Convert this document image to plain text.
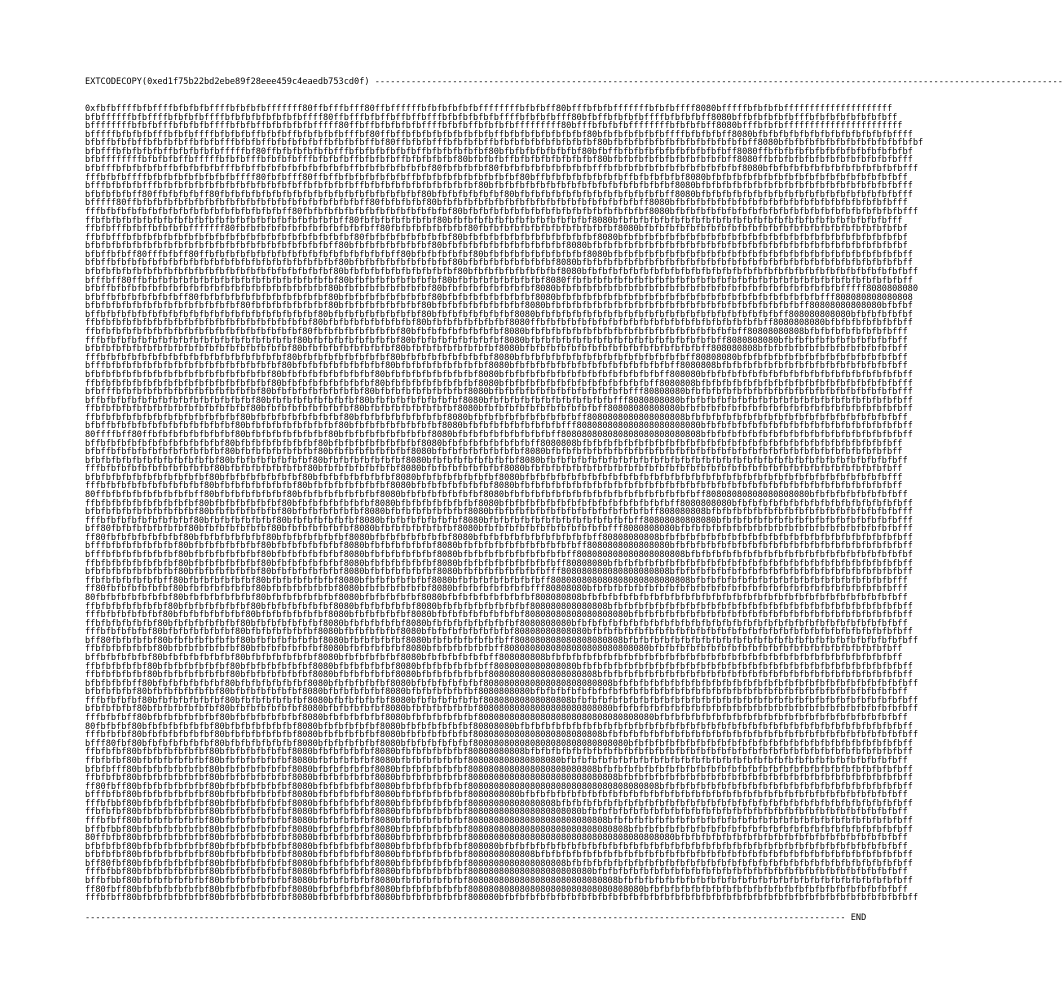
EXTCODECOPY(0xed1f75b22bd2ebe89f28eee459c4eaedb753cd0f) -------------------------------------------------------------------------------------------------------------------------------------
0xfbfbffffbfbffffbfbfbfbffffbfbfbfbfffffff80ffbfffbfff80ffbffffffbfbfbfbfbfbffffffffbfbfbff80bfffbfbfbfffffffbfbfbffff8080bfffffbfbfbfbfffffffffffffffffffff
bfbffffffbfbffffbfbfbfbffffbfbfbfbfbfbfbfbffff80ffbfffbfbffbffbffbfffbfbfbfbfbfbffffbfbfbfbfff80bfbffbfbfbfbffffbfbfbfbff8080bffbfbfbfbfbfffbfbfbfbfbfbfbfbff
bffffffffbfbfbfffbfbfbfbffffbfbfbffbfbfbfbfbfffff80ffbffbfbfbfbfbffffbfbfbffbfbfbfbfffffffff80bfffbfbfbfbffffffffbfbfbfbff8080bfffbfbfbfffffffffffffffffffffff
bfffffbfbfbfbfffbfbfbffffbfbfbfbffbfbfbffbfbfbfbfbfffbf80ffbffbfbfbfbfbfbfbfbfbffbfbfbfbfbfbfbfbf80bfbfbfbfbfbfbffffbfbfbfbff8080bfbfbfbfbfbfbfbfbfbfbfbfbfbffff
bfbffbfbfbffbfbfbfbffbfbfbfffbfbfbffbfbfbfbfbffbfbfbfbffbf80ffbfbfbfffbfbfbfbffbfbfbfbfbfbfbfbfbfbf80bfbfbfbfbfbfbfbfbfbfbfbfbfbff8080bfbfbfbfbfbfbfbfbfbfbfbfbfbf
bfbfffbfbfbfbfbffbfbfbfbfbfffffbf80ffbfbfbfbfbfbfffbfbfbfbfbfbfbffbfbfbfbfbfbf80bfbfbfbfbfbfbfbf80bfbffbfbfbfbfbfbfbfbfbfbfbff8080ffbfbfbfbfbfbfbfbfbfbfbfbfbfbf
bfbffffffffbfbfbfbffbfffffbfbfbfffbfbfbfbfffbfbfbfbffbfbfbfbffbfbfbfbfbf80bfbfbfbffbfbfbfbfbfbfbfbf80bfbfbfbfbfbfbfbfbfbfbfbff8080ffbfbfbfbfbfbfbfbfbfbfbfbfbfff
bfbfffbfbfbfbfbffbfbfbfbfbfffbfbffbfbfbfbfbfbfbfbfbffbfbfbfbfbfbfbf80fbfbfbfbf80fbfbfbfbfbfbfbfbfbfffbfbfbfbfbfbfbfbfbfbfbfbfbf8080bfbfbfbfbfbfbfbfbfbfbfbfbfbfff
fffbfbfbffffbfbfbfbfbfbfbfbfbffff80fbfbfff80ffbffbfbfbfbfbfbfbffbfbfbfbfbfbfbfbfbfbf80bffbfbfbfbfbfbfbfbffbfbfbfbfbf8080bfbfbfbfbfbfbfbfbfbfbfbfbfbfbfbfbfbfbff
bfffbfbfbfbfffbfbfbfbfbfbfbfbfbfbfbfbfbfbffbfbfbfbfbffbfbfbfbfbfbfbfbfbfbfbf80bfbfbfbfbfbfbfbfbfbfbfbfbfbfbfbfbfbf8080bfbfbfbfbfbfbfbfbfbfbfbfbfbfbfbfbfbfbfbfff
bfbfbfbfbff80ffbfbfbfbff80fbfbfbfbfbfbfbfbfbfbfbfbfbfbfbfbfbfbfbf80bfbfbfbfbfbfbf80bfbfbfbfbfbfbfbfbfbfbfbfbfbfbff8080bfbfbfbfbfbfbfbfbfbfbfbfbfbfbfbfbfbfbfbfff
bfffff80ffbfbfbfbfbfbfbfbfbfbfbfbfbfbfbfbfbfbfbfbfbfbff80fbfbfbfbf80bfbfbfbfbfbfbfbfbfbfbfbfbfbfbfbfbfbfbfbff8080bfbfbfbfbfbfbfbfbfbfbfbfbfbfbfbfbfbfbfbfbfbfff
fffbfbfbfbfbfbfbfbfbfbfbfbfbfbfbfbfbfbff80fbfbfbfbfbfbfbfbfbfbfbfbfbfbf80bfbfbfbfbfbfbfbfbfbfbfbfbfbfbfbfbfbf8080bfbfbfbfbfbfbfbfbfbfbfbfbfbfbfbfbfbfbfbfbfbfbfff
ffbfbfbfbfbfbfbfbfbfbfbfbfbfbfbfbfbfbfbfbfbfbfbfbff80fbfbfbfbfbfbfbf80bfbfbfbfbfbfbfbfbfbfbfbfbfbf8080bfbfbfbfbfbfbfbfbfbfbfbfbfbfbfbfbfbfbfbfbfbfbfbfbfbfbfff
ffbfbfffbfbffbfbfbfbfffffff80fbfbfbfbfbfbfbfbfbfbfbfbfbff80fbfbfbfbfbfbfbf80fbfbfbfbfbfbfbfbfbfbfbfbfbf8080bfbfbfbfbfbfbfbfbfbfbfbfbfbfbfbfbfbfbfbfbfbfbfbfbfbf
ffbfbfffbfbfbfbfbfbfbfbfbfbfbfbfbfbfbfbfbfbfbfbfbfbf80fbfbfbfbfbfbfbfbf80bfbfbfbfbfbfbfbfbfbfbfbfbf8080bfbfbfbfbfbfbfbfbfbfbfbfbfbfbfbfbfbfbfbfbfbfbfbfbfbfbfbf
bfbfbfbfbfbfbfbfbfbfbfbfbfbfbfbfbfbfbfbfbfbfbfbff80bfbfbfbfbfbfbfbf80bfbfbfbfbfbfbfbfbfbfbfbf8080bfbfbfbfbfbfbfbfbfbfbfbfbfbfbfbfbfbfbfbfbfbfbfbfbfbfbfbfbfbfbf
bfbffbfbff80fffbfbff80ffbfbfbfbfbfbfbfbfbfbfbfbfbfbfbfbfbfbff80bfbfbfbfbfbf80bfbfbfbfbfbfbfbfbfbf8080bfbfbfbfbfbfbfbfbfbfbfbfbfbfbfbfbfbfbfbfbfbfbfbfbfbfbfbfbff
bfbffbfbfbfbfbfbfbfbfbfbfbfbfbfbfbfbfbfbfbfbfbfbf80bfbfbfbfbfbfbfbfbfbf80bfbfbfbfbfbfbfbfbf8080bfbfbfbfbfbfbfbfbfbfbfbfbfbfbfbfbfbfbfbfbfbfbfbfbfbfbfbfbfbfbfbff
bfbfbfbfbfbfbfbfbfbfbfbfbfbfbfbfbfbfbfbfbfbfbfbf80bfbfbfbfbfbfbfbfbfbfbf80bfbfbfbfbfbfbfbfbf8080bfbfbfbfbfbfbfbfbfbfbfbfbfbfbfbfbfbfbfbfbfbfbfbfbfbfbfbfbfbfbfbff
bfffbff80ffbfbfbfbfbfbfbfbfbfbfbfbfbfbfbfbfbfbfbf80bfbfbfbfbfbfbfbfbf80bfbfbfbfbfbfbfbfbf8080ffbfbfbfbfbfbfbfbfbfbfbfbfbfbfbfbfbfbfbfbfbfbfbfbfbfbfbfbfbfbfbfbff
bfbffbfbfbfbfbfbfbfbfbfbfbfbfbfbfbfbfbfbfbfbfbf80bfbfbfbfbfbfbfbfbf80bfbfbfbfbfbfbfbfbf8080bfbfbfbfbfbfbfbfbfbfbfbfbfbfbfbfbfbfbfbfbfbfbfbfbfbfbfbfffff8080808080
bfbffbfbfbfbfbfbfbff80fbfbfbfbfbfbfbfbfbfbfbfbf80bfbfbfbfbfbfbfbfbf80bfbfbfbfbfbfbfbfbf8080bfbfbfbfbfbfbfbfbfbfbfbfbfbfbfbfbfbfbfbfbfbfbfbfbfbfff808080808080808
bfbfbfbfbfbfbfbfbfbfbfbfbfbfbf80fbfbfbfbfbfbfbf80bfbfbfbfbfbfbfbf80bfbfbfbfbfbfbfbfbf8080bfbfbfbfbfbfbfbfbfbfbfbfbfbfbfbfbfbfbfbfbfbfbfbfbff80808080808080bfbfbf
bffbfbfbfbfbfbfbfbfbfbfbfbfbfbfbfbfbfbfbfbfbf80bfbfbfbfbfbfbfbfbf80bfbfbfbfbfbfbfbf8080bfbfbfbfbfbfbfbfbfbfbfbfbfbfbfbfbfbfbfbfbfbfbfbff808080808080bfbfbfbfbfbf
ffbfbfbfbfbfbfbfbfbfbfbfbfbfbfbfbfbfbfbfbfbf80bfbfbfbfbfbfbfbfbf80bfbfbfbfbfbfbfbf8080ffbfbfbfbfbfbfbfbfbfbfbfbfbfbfbfbfbfbfbfbfbfbff8080808080bfbfbfbfbfbfbfbff
ffbfbfbfbfbfbfbfbfbfbfbfbfbfbfbfbfbfbfbfbf80fbfbfbfbfbfbfbfbf80bfbfbfbfbfbfbfbfbf8080bfbfbfbfbfbfbfbfbfbfbfbfbfbfbfbfbfbfbfbfbff80808080808bfbfbfbfbfbfbfbfbfff
fffbfbfbfbfbfbfbfbfbfbfbfbfbfbfbfbfbfbfbf80bfbfbfbfbfbfbfbfbf80bfbfbfbfbfbfbfbfbf8080bfbfbfbfbfbfbfbfbfbfbfbfbfbfbfbfbfbfbff8080808080bfbfbfbfbfbfbfbfbfbfbfbff
bfbfbfbfbfbfbfbfbfbfbfbfbfbfbfbfbfbfbfbf80bfbfbfbfbfbfbfbfbf80bfbfbfbfbfbfbfbfbf8080bfbfbfbfbfbfbfbfbfbfbfbfbfbfbfbfbfbff808080808bfbfbfbfbfbfbfbfbfbfbfbfbfbff
fffbfbfbfbfbfbfbfbfbfbfbfbfbfbfbfbfbfbf80bfbfbfbfbfbfbfbfbf80bfbfbfbfbfbfbfbfbf8080bfbfbfbfbfbfbfbfbfbfbfbfbfbfbfbfbff80808080bfbfbfbfbfbfbfbfbfbfbfbfbfbfbfbff
bfffbfbfbfbfbfbfbfbfbfbfbfbfbfbfbfbfbf80bfbfbfbfbfbfbfbfbf80bfbfbfbfbfbfbfbfbf8080bfbfbfbfbfbfbfbfbfbfbfbfbfbfbfbff8080808bfbfbfbfbfbfbfbfbfbfbfbfbfbfbfbfbfbff
bfbfbfbfbfbfbfbfbfbfbfbfbfbfbfbfbfbf80bfbfbfbfbfbfbfbfbf80bfbfbfbfbfbfbfbfbf8080bfbfbfbfbfbfbfbfbfbfbfbfbfbfbfbff808080bfbfbfbfbfbfbfbfbfbfbfbfbfbfbfbfbfbfbfbff
ffbfbfbfbfbfbfbfbfbfbfbfbfbfbfbfbfbf80bfbfbfbfbfbfbfbfbf80bfbfbfbfbfbfbfbfbf8080bfbfbfbfbfbfbfbfbfbfbfbfbfbfbff8080808bfbfbfbfbfbfbfbfbfbfbfbfbfbfbfbfbfbfbfbfff
bfbfffbfbfbfbfbfbfbfbfbfbfbfbfbfbf80bfbfbfbfbfbfbfbfbf80bfbfbfbfbfbfbfbfbf8080bfbfbfbfbfbfbfbfbfbfbfbfbfbfff80808080bfbfbfbfbfbfbfbfbfbfbfbfbfbfbfbfbfbfbfbfbfff
bffbfbfbfbfbfbfbfbfbfbfbfbfbfbfbf80bfbfbfbfbfbfbfbfbf80bfbfbfbfbfbfbfbfbf8080bfbfbfbfbfbfbfbfbfbfbfbfbfff8080808080bfbfbfbfbfbfbfbfbfbfbfbfbfbfbfbfbfbfbfbfbfbff
ffbfbfbfbfbfbfbfbfbfbfbfbfbfbfbf80bfbfbfbfbfbfbfbfbf80bfbfbfbfbfbfbfbfbf8080bfbfbfbfbfbfbfbfbfbfbfbff80808080808080bfbfbfbfbfbfbfbfbfbfbfbfbfbfbfbfbfbfbfbfbfbff
ffbfbfbfbfbfbfbfbfbfbfbfbfbfbf80bfbfbfbfbfbfbfbfbf80bfbfbfbfbfbfbfbfbf8080bfbfbfbfbfbfbfbfbfbfbff8080808080808080808bfbfbfbfbfbfbfbfbfbfbfbfbfbfbfbfbfbfbfbfbff
bfbffbfbfbfbfbfbfbfbfbfbfbfbf80bfbfbfbfbfbfbfbfbf80bfbfbfbfbfbfbfbfbf8080bfbfbfbfbfbfbfbfbfbfff808080808080808080808080bfbfbfbfbfbfbfbfbfbfbfbfbfbfbfbfbfbfbfbff
80ffffbff80ffbfbfbfbfbfbfbfbf80bfbfbfbfbfbfbfbf80bfbfbfbfbfbfbfbfbf8080bfbfbfbfbfbfbfbfbfbff808080808080808080808080808bfbfbfbfbfbfbfbfbfbfbfbfbfbfbfbfbfbfbfbff
bffbfbfbfbfbfbfbfbfbfbfbfbf80bfbfbfbfbfbfbfbf80bfbfbfbfbfbfbfbfbf8080bfbfbfbfbfbfbfbfbff8080808bfbfbfbfbfbfbfbfbfbfbfbfbfbfbfbfbfbfbfbfbfbfbfbfbfbfbfbfbfbfbff
bfbffbfbfbfbfbfbfbfbfbfbfbf80bfbfbfbfbfbfbfbf80bfbfbfbfbfbfbfbf8080bfbfbfbfbfbfbfbfbf8080bfbfbfbfbfbfbfbfbfbfbfbfbfbfbfbfbfbfbfbfbfbfbfbfbfbfbfbfbfbfbfbfbfbff
bfbfbfbfbfbfbfbfbfbfbfbfbf80bfbfbfbfbfbfbfbf80bfbfbfbfbfbfbfbf8080bfbfbfbfbfbfbfbfbf8080bfbfbfbfbfbfbfbfbfbfbfbfbfbfbfbfbfbfbfbfbfbfbfbfbfbfbfbfbfbfbfbfbfbfbff
fffbfbfbfbfbfbfbfbfbfbfbf80bfbfbfbfbfbfbfbf80bfbfbfbfbfbfbfbf8080bfbfbfbfbfbfbfbf8080bfbfbfbfbfbfbfbfbfbfbfbfbfbfbfbfbfbfbfbfbfbfbfbfbfbfbfbfbfbfbfbfbfbfbfbff
bfbfbfbfbfbfbfbfbfbfbfbf80bfbfbfbfbfbfbfbf80bfbfbfbfbfbfbfbf8080bfbfbfbfbfbfbfbf8080bfbfbfbfbfbfbfbfbfbfbfbfbfbfbfbfbfbfbfbfbfbfbfbfbfbfbfbfbfbfbfbfbfbfbfbfff
fffbfbfbfbfbfbfbfbfbfbf80bfbfbfbfbfbfbfbf80bfbfbfbfbfbfbfbf8080bfbfbfbfbfbfbfbf8080bfbfbfbfbfbfbfbfbfbfbfbfbfbfbfbfbfbfbfbfbfbfbfbfbfbfbfbfbfbfbfbfbfbfbfbfbff
80ffbfbfbfbfbfbfbfbfbff80bfbfbfbfbfbfbf80bfbfbfbfbfbfbfbf8080bfbfbfbfbfbfbfbf8080bfbfbfbfbfbfbfbfbfbfbfbfbfbfbfbfbfbfbff80808080808080808080bfbfbfbfbfbfbfbfbff
ffbfbfbfbfbfbfbfbfbfbf80bfbfbfbfbfbfbf80bfbfbfbfbfbfbfbf8080bfbfbfbfbfbfbfbf8080bfbfbfbfbfbfbfbfbfbfbfbfbfbfbfbfbff8080808080bfbfbfbfbfbfbfbfbfbfbfbfbfbfbfbfbff
bfbfbfbfbfbfbfbfbfbfbf80bfbfbfbfbfbfbf80bfbfbfbfbfbfbf8080bfbfbfbfbfbfbfbf8080bfbfbfbfbfbfbfbfbfbfbfbfbfbfbfbff808080808bfbfbfbfbfbfbfbfbfbfbfbfbfbfbfbfbfbfbfff
fffbfbfbfbfbfbfbfbfbf80bfbfbfbfbfbfbf80bfbfbfbfbfbfbf8080bfbfbfbfbfbfbfbf8080bfbfbfbfbfbfbfbfbfbfbfbfbfbfbff80808080808080bfbfbfbfbfbfbfbfbfbfbfbfbfbfbfbfbfbfff
bff80fbfbfbfbfbfbfbf80bfbfbfbfbfbfbf80bfbfbfbfbfbfbf8080bfbfbfbfbfbfbfbf8080bfbfbfbfbfbfbfbfbfbfbfbfbfff8080808080bfbfbfbfbfbfbfbfbfbfbfbfbfbfbfbfbfbfbfbfbfbfff
ff80fbfbfbfbfbfbfbf80bfbfbfbfbfbfbf80bfbfbfbfbfbfbf8080bfbfbfbfbfbfbfbf8080bfbfbfbfbfbfbfbfbfbfbfbff80808080808bfbfbfbfbfbfbfbfbfbfbfbfbfbfbfbfbfbfbfbfbfbfbfbff
bfffbfbfbfbfbfbfbf80bfbfbfbfbfbfbf80bfbfbfbfbfbfbf8080bfbfbfbfbfbfbf8080bfbfbfbfbfbfbfbfbfbfbfbff8080808080808080bfbfbfbfbfbfbfbfbfbfbfbfbfbfbfbfbfbfbfbfbfbfbff
bfffbfbfbfbfbfbfbf80bfbfbfbfbfbfbf80bfbfbfbfbfbfbf8080bfbfbfbfbfbfbf8080bfbfbfbfbfbfbfbfbfbfbff808080808080808080808bfbfbfbfbfbfbfbfbfbfbfbfbfbfbfbfbfbfbfbfbfbf
ffbfbfbfbfbfbfbfbf80bfbfbfbfbfbfbf80bfbfbfbfbfbfbf8080bfbfbfbfbfbfbf8080bfbfbfbfbfbfbfbfbfbff80808080bfbfbfbfbfbfbfbfbfbfbfbfbfbfbfbfbfbfbfbfbfbfbfbfbfbfbfbfbff
bfbfbfbfbfbfbfbfbf80bfbfbfbfbfbfbf80bfbfbfbfbfbfbf8080bfbfbfbfbfbfbf8080bfbfbfbfbfbfbfbfbfff808080808080808080808bfbfbfbfbfbfbfbfbfbfbfbfbfbfbfbfbfbfbfbfbfbfbff
ffbfbfbfbfbfbfbff80bfbfbfbfbfbfbf80bfbfbfbfbfbfbf8080bfbfbfbfbfbfbf8080bfbfbfbfbfbfbfbfbff808080808080808080808080808bfbfbfbfbfbfbfbfbfbfbfbfbfbfbfbfbfbfbfbfff
ff80fbfbfbfbfbfbf80bfbfbfbfbfbfbf80bfbfbfbfbfbfbf8080bfbfbfbfbfbfbf8080bfbfbfbfbfbfbfbfff80808080bfbfbfbfbfbfbfbfbfbfbfbfbfbfbfbfbfbfbfbfbfbfbfbfbfbfbfbfbfbfff
80fbfbfbfbfbfbfbf80bfbfbfbfbfbfbf80bfbfbfbfbfbfbf8080bfbfbfbfbfbf8080bfbfbfbfbfbfbfbfbf808080808bfbfbfbfbfbfbfbfbfbfbfbfbfbfbfbfbfbfbfbfbfbfbfbfbfbfbfbfbfbfbff
ffbfbfbfbfbfbfbf80bfbfbfbfbfbfbf80bfbfbfbfbfbfbf8080bfbfbfbfbfbf8080bfbfbfbfbfbfbfbfbf808080808080808bfbfbfbfbfbfbfbfbfbfbfbfbfbfbfbfbfbfbfbfbfbfbfbfbfbfbfbfbff
fffbfbfbfbfbfbf80bfbfbfbfbfbfbf80bfbfbfbfbfbfbf8080bfbfbfbfbfbf8080bfbfbfbfbfbfbfbfbf80808080808080808080bfbfbfbfbfbfbfbfbfbfbfbfbfbfbfbfbfbfbfbfbfbfbfbfbfbfbff
ffbfbfbfbfbfbf80bfbfbfbfbfbfbf80bfbfbfbfbfbfbf8080bfbfbfbfbfbf8080bfbfbfbfbfbfbfbfbf8080808080bfbfbfbfbfbfbfbfbfbfbfbfbfbfbfbfbfbfbfbfbfbfbfbfbfbfbfbfbfbfbfbff
fffbfbfbfbfbf80bfbfbfbfbfbfbf80bfbfbfbfbfbfbf8080bfbfbfbfbfbf8080bfbfbfbfbfbfbfbfbf80808080808080bfbfbfbfbfbfbfbfbfbfbfbfbfbfbfbfbfbfbfbfbfbfbfbfbfbfbfbfbfbfbff
bff80fbfbfbfbf80bfbfbfbfbfbfbf80bfbfbfbfbfbfbf8080bfbfbfbfbfbf8080bfbfbfbfbfbfbfbff808080808080808080808bfbfbfbfbfbfbfbfbfbfbfbfbfbfbfbfbfbfbfbfbfbfbfbfbfbfbfbff
ffbfbfbfbfbfbf80bfbfbfbfbfbfbf80bfbfbfbfbfbfbf8080bfbfbfbfbfbf8080bfbfbfbfbfbfbff8080808080808080808080808080bfbfbfbfbfbfbfbfbfbfbfbfbfbfbfbfbfbfbfbfbfbfbfbff
bffbfbfbfbfbf80bfbfbfbfbfbfbf80bfbfbfbfbfbfbf8080bfbfbfbfbfbf8080bfbfbfbfbfbfbff808080808bfbfbfbfbfbfbfbfbfbfbfbfbfbfbfbfbfbfbfbfbfbfbfbfbfbfbfbfbfbfbfbfbfbff
ffbfbfbfbfbf80bfbfbfbfbfbfbf80bfbfbfbfbfbfbf8080bfbfbfbfbfbf8080bfbfbfbfbfbfbff8080808080808080bfbfbfbfbfbfbfbfbfbfbfbfbfbfbfbfbfbfbfbfbfbfbfbfbfbfbfbfbfbfbfbff
ffbfbfbfbfbf80bfbfbfbfbfbfbf80bfbfbfbfbfbfbf8080bfbfbfbfbfbf8080bfbfbfbfbfbfbf808080808080808080808bfbfbfbfbfbfbfbfbfbfbfbfbfbfbfbfbfbfbfbfbfbfbfbfbfbfbfbfbfbff
bfbfbfbfbff80bfbfbfbfbfbfbf80bfbfbfbfbfbfbf8080bfbfbfbfbfbf8080bfbfbfbfbfbfbf8080808080808080808080808bfbfbfbfbfbfbfbfbfbfbfbfbfbfbfbfbfbfbfbfbfbfbfbfbfbfbfbfbff
bfbfbfbfbf80bfbfbfbfbfbfbf80bfbfbfbfbfbfbf8080bfbfbfbfbfbf8080bfbfbfbfbfbfbf8080808080bfbfbfbfbfbfbfbfbfbfbfbfbfbfbfbfbfbfbfbfbfbfbfbfbfbfbfbfbfbfbfbfbfbfbfbff
fffbfbfbfbf80bfbfbfbfbfbfbf80bfbfbfbfbfbfbf8080bfbfbfbfbfbf8080bfbfbfbfbfbfbf80808080808080808bfbfbfbfbfbfbfbfbfbfbfbfbfbfbfbfbfbfbfbfbfbfbfbfbfbfbfbfbfbfbfbfbff
bfbfbfbfbf80bfbfbfbfbfbfbf80bfbfbfbfbfbfbf8080bfbfbfbfbfbf8080bfbfbfbfbfbfbf80808080808080808080808080bfbfbfbfbfbfbfbfbfbfbfbfbfbfbfbfbfbfbfbfbfbfbfbfbfbfbfbfbff
fffbfbfbff80bfbfbfbfbfbfbf80bfbfbfbfbfbfbf8080bfbfbfbfbfbf8080bfbfbfbfbfbfbf8080808080808080808080808080808080bfbfbfbfbfbfbfbfbfbfbfbfbfbfbfbfbfbfbfbfbfbfbfbff
80fbfbfbf80bfbfbfbfbfbfbf80bfbfbfbfbfbfbf8080bfbfbfbfbfbf8080bfbfbfbfbfbfbf80808080bfbfbfbfbfbfbfbfbfbfbfbfbfbfbfbfbfbfbfbfbfbfbfbfbfbfbfbfbfbfbfbfbfbfbfbfbfbff
fffbfbfbf80bfbfbfbfbfbfbf80bfbfbfbfbfbfbf8080bfbfbfbfbfbf8080bfbfbfbfbfbfbf8080808080808080808080808bfbfbfbfbfbfbfbfbfbfbfbfbfbfbfbfbfbfbfbfbfbfbfbfbfbfbfbfbfbff
bfff80fbf80bfbfbfbfbfbfbf80bfbfbfbfbfbfbf8080bfbfbfbfbfbf8080bfbfbfbfbfbfbf808080808080808080808080808080bfbfbfbfbfbfbfbfbfbfbfbfbfbfbfbfbfbfbfbfbfbfbfbfbfbfbff
ffbfbfbf80bfbfbfbfbfbfbf80bfbfbfbfbfbfbf8080bfbfbfbfbfbf8080bfbfbfbfbfbfbf80808080808bfbfbfbfbfbfbfbfbfbfbfbfbfbfbfbfbfbfbfbfbfbfbfbfbfbfbfbfbfbfbfbfbfbfbfbfbff
ffbfbfbf80bfbfbfbfbfbfbf80bfbfbfbfbfbfbf8080bfbfbfbfbfbf8080bfbfbfbfbfbfbf808080808080808080bfbfbfbfbfbfbfbfbfbfbfbfbfbfbfbfbfbfbfbfbfbfbfbfbfbfbfbfbfbfbfbfbff
bfbfbfff80bfbfbfbfbfbfbf80bfbfbfbfbfbfbf8080bfbfbfbfbfbf8080bfbfbfbfbfbfbf8080808080808080808080808bfbfbfbfbfbfbfbfbfbfbfbfbfbfbfbfbfbfbfbfbfbfbfbfbfbfbfbfbfbff
ffbfbfbf80bfbfbfbfbfbfbf80bfbfbfbfbfbfbf8080bfbfbfbfbfbf8080bfbfbfbfbfbfbf80808080808080808080808080808bfbfbfbfbfbfbfbfbfbfbfbfbfbfbfbfbfbfbfbfbfbfbfbfbfbfbfbff
ff80fbff80bfbfbfbfbfbfbf80bfbfbfbfbfbfbf8080bfbfbfbfbfbf8080bfbfbfbfbfbfbf8080808080808080808080808080808080808bfbfbfbfbfbfbfbfbfbfbfbfbfbfbfbfbfbfbfbfbfbfbfbff
bfffbfbf80bfbfbfbfbfbfbf80bfbfbfbfbfbfbf8080bfbfbfbfbfbf8080bfbfbfbfbfbfbf8080808080bfbfbfbfbfbfbfbfbfbfbfbfbfbfbfbfbfbfbfbfbfbfbfbfbfbfbfbfbfbfbfbfbfbfbfbfbff
fffbfbbf80bfbfbfbfbfbfbf80bfbfbfbfbfbfbf8080bfbfbfbfbfbf8080bfbfbfbfbfbfbf80808080808080808bfbfbfbfbfbfbfbfbfbfbfbfbfbfbfbfbfbfbfbfbfbfbfbfbfbfbfbfbfbfbfbfbfbff
ffbfbfbf80bfbfbfbfbfbfbf80bfbfbfbfbfbfbf8080bfbfbfbfbfbf8080bfbfbfbfbfbfbf8080808080808080808080bfbfbfbfbfbfbfbfbfbfbfbfbfbfbfbfbfbfbfbfbfbfbfbfbfbfbfbfbfbfbff
fffbfbff80bfbfbfbfbfbfbf80bfbfbfbfbfbfbf8080bfbfbfbfbfbf8080bfbfbfbfbfbfbf808080808080808080808080808bfbfbfbfbfbfbfbfbfbfbfbfbfbfbfbfbfbfbfbfbfbfbfbfbfbfbfbfbff
bffbfbbf80bfbfbfbfbfbfbf80bfbfbfbfbfbfbf8080bfbfbfbfbfbf8080bfbfbfbfbfbfbf8080808080808080808080808080808bfbfbfbfbfbfbfbfbfbfbfbfbfbfbfbfbfbfbfbfbfbfbfbfbfbfbff
80ffbfbf80bfbfbfbfbfbfbf80bfbfbfbfbfbfbf8080bfbfbfbfbfbf8080bfbfbfbfbfbfbf8080808080808080808080808080808080808080bfbfbfbfbfbfbfbfbfbfbfbfbfbfbfbfbfbfbfbfbfbff
bfbfbfbf80bfbfbfbfbfbfbf80bfbfbfbfbfbfbf8080bfbfbfbfbfbf8080bfbfbfbfbfbfbf808080bfbfbfbfbfbfbfbfbfbfbfbfbfbfbfbfbfbfbfbfbfbfbfbfbfbfbfbfbfbfbfbfbfbfbfbfbfbfbff
bfbfbfbf80bfbfbfbfbfbfbf80bfbfbfbfbfbfbf8080bfbfbfbfbfbf8080bfbfbfbfbfbfbf8080808080808bfbfbfbfbfbfbfbfbfbfbfbfbfbfbfbfbfbfbfbfbfbfbfbfbfbfbfbfbfbfbfbfbfbfbfbff
bff80fbf80bfbfbfbfbfbfbf80bfbfbfbfbfbfbf8080bfbfbfbfbfbf8080bfbfbfbfbfbfbf8080808080808080808bfbfbfbfbfbfbfbfbfbfbfbfbfbfbfbfbfbfbfbfbfbfbfbfbfbfbfbfbfbfbfbfbff
fffbfbbf80bfbfbfbfbfbfbf80bfbfbfbfbfbfbf8080bfbfbfbfbfbf8080bfbfbfbfbfbfbf808080808080808080808080bfbfbfbfbfbfbfbfbfbfbfbfbfbfbfbfbfbfbfbfbfbfbfbfbfbfbfbfbfbff
bffbfbbf80bfbfbfbfbfbfbf80bfbfbfbfbfbfbf8080bfbfbfbfbfbf8080bfbfbfbfbfbfbf80808080808080808080808080808bfbfbfbfbfbfbfbfbfbfbfbfbfbfbfbfbfbfbfbfbfbfbfbfbfbfbfbff
ff80fbff80bfbfbfbfbfbfbf80bfbfbfbfbfbfbf8080bfbfbfbfbfbf8080bfbfbfbfbfbfbf8080808080808080808080808080808080bfbfbfbfbfbfbfbfbfbfbfbfbfbfbfbfbfbfbfbfbfbfbfbfbff
fffbfbff80bfbfbfbfbfbfbf80bfbfbfbfbfbfbf8080bfbfbfbfbfbf8080bfbfbfbfbfbfbf808080bfbfbfbfbfbfbfbfbfbfbfbfbfbfbfbfbfbfbfbfbfbfbfbfbfbfbfbfbfbfbfbfbfbfbfbfbfbfbfbff
--------------------------------------------------------------------------------------------------------------------------------------------------- END
